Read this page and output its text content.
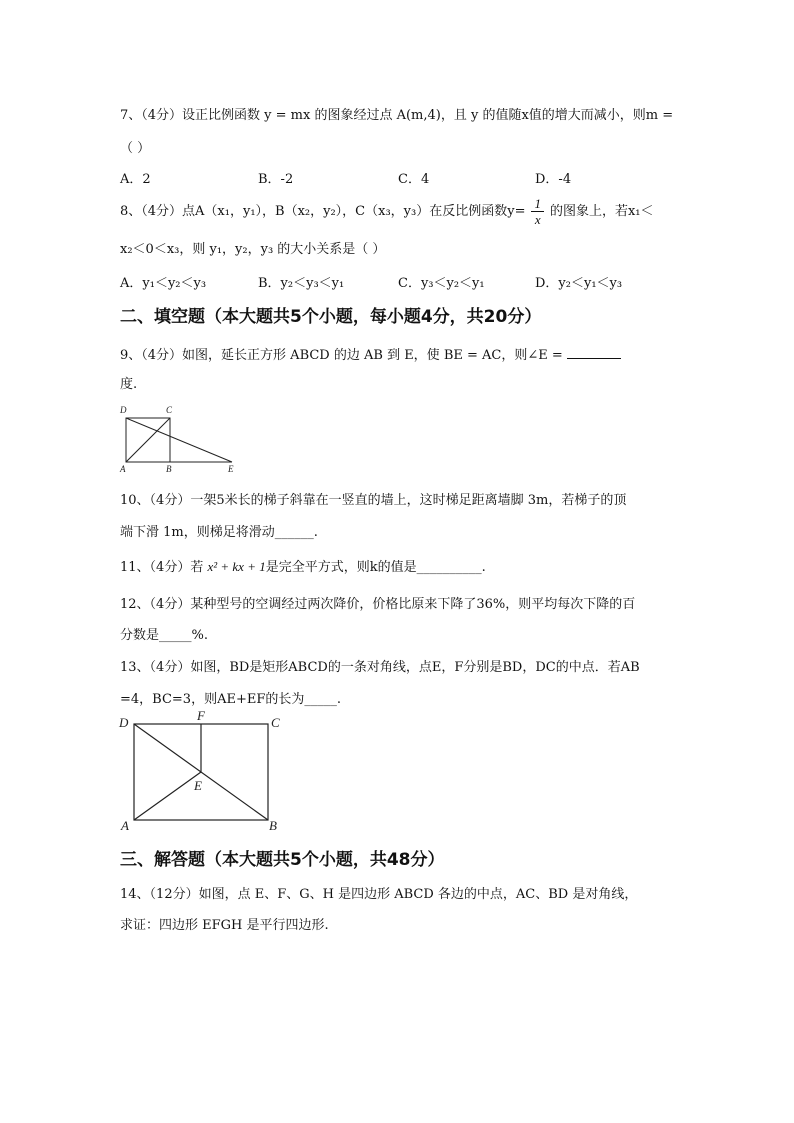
7、（4分）设正比例函数 y = mx 的图象经过点 A(m,4)，且 y 的值随x值的增大而减小，则m =
（ ）
A．2	B．-2	C．4	D．-4
8、（4分）点A（x₁，y₁），B（x₂，y₂），C（x₃，y₃）在反比例函数$y= \frac{1}{x}$ 的图象上，若x₁＜
x₂＜0＜x₃，则 y₁，y₂，y₃ 的大小关系是（ ）
A．y₁＜y₂＜y₃	B．y₂＜y₃＜y₁	C．y₃＜y₂＜y₁	D．y₂＜y₁＜y₃
二、填空题（本大题共5个小题，每小题4分，共20分）
9、（4分）如图，延长正方形 ABCD 的边 AB 到 E，使 BE = AC，则∠E =
度.
D	C
A	B	E
10、（4分）一架5米长的梯子斜靠在一竖直的墙上，这时梯足距离墙脚 3m，若梯子的顶
端下滑 1m，则梯足将滑动______.
11、（4分）若 x² + kx + 1是完全平方式，则k的值是__________.
12、（4分）某种型号的空调经过两次降价，价格比原来下降了36%，则平均每次下降的百
分数是_____%.
13、（4分）如图，BD是矩形ABCD的一条对角线，点E，F分别是BD，DC的中点．若AB
=4，BC=3，则AE+EF的长为_____.
D	F	C
E
A	B
三、解答题（本大题共5个小题，共48分）
14、（12分）如图，点 E、F、G、H 是四边形 ABCD 各边的中点，AC、BD 是对角线，
求证：四边形 EFGH 是平行四边形.
